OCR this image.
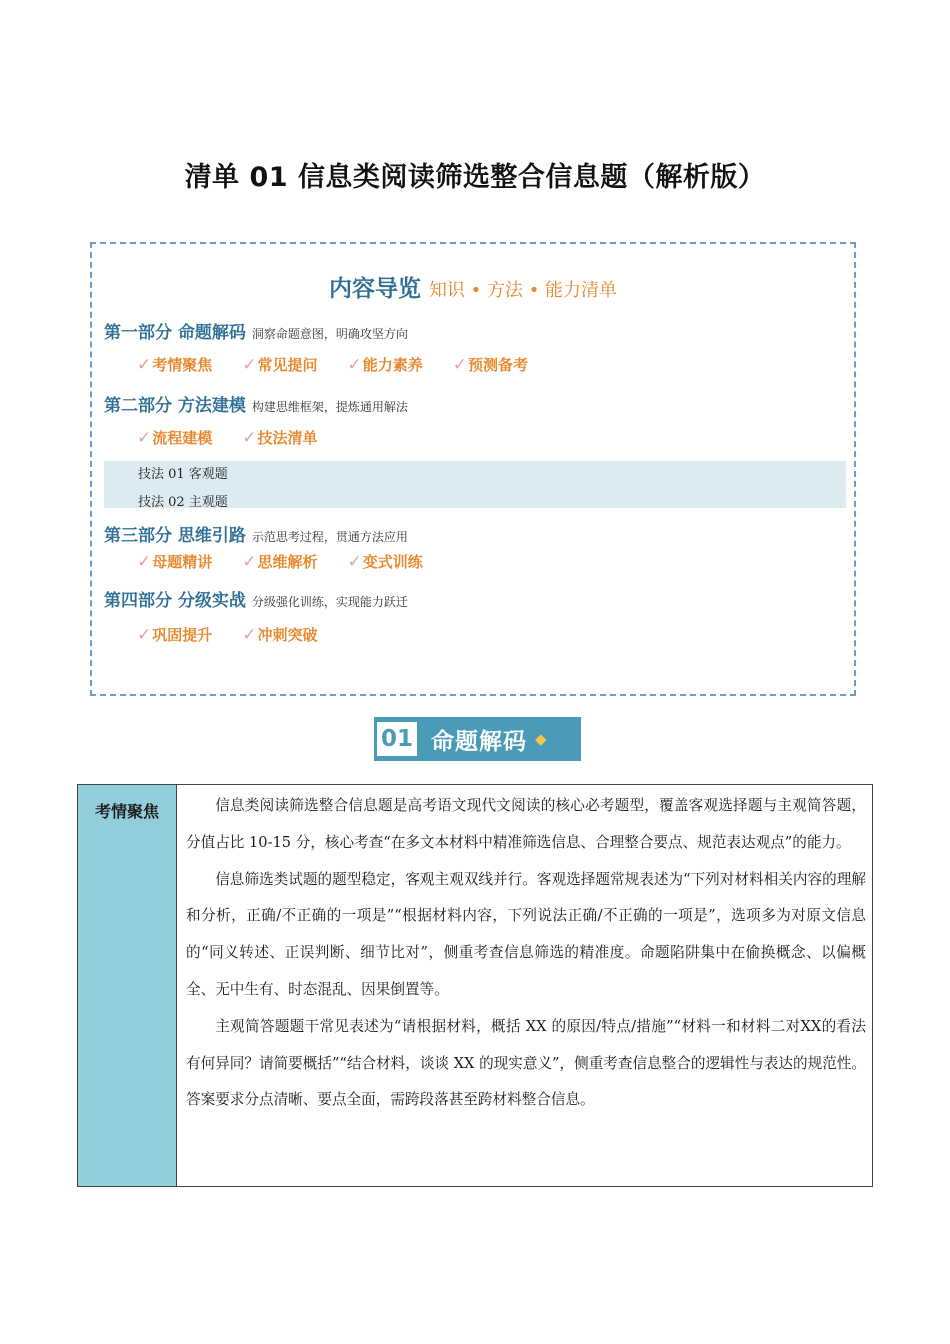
清单 01 信息类阅读筛选整合信息题（解析版）
内容导览 知识 • 方法 • 能力清单
第一部分 命题解码 洞察命题意图，明确攻坚方向
✓考情聚焦 ✓常见提问 ✓能力素养 ✓预测备考
第二部分 方法建模 构建思维框架，提炼通用解法
✓流程建模 ✓技法清单
技法 01 客观题
技法 02 主观题
第三部分 思维引路 示范思考过程，贯通方法应用
✓母题精讲 ✓思维解析 ✓变式训练
第四部分 分级实战 分级强化训练，实现能力跃迁
✓巩固提升 ✓冲刺突破
01 命题解码 ◆
考情聚焦	信息类阅读筛选整合信息题是高考语文现代文阅读的核心必考题型，覆盖客观选择题与主观简答题，分值占比 10-15 分，核心考查“在多文本材料中精准筛选信息、合理整合要点、规范表达观点”的能力。

信息筛选类试题的题型稳定，客观主观双线并行。客观选择题常规表述为“下列对材料相关内容的理解和分析，正确/不正确的一项是”“根据材料内容，下列说法正确/不正确的一项是”，选项多为对原文信息的“同义转述、正误判断、细节比对”，侧重考查信息筛选的精准度。命题陷阱集中在偷换概念、以偏概全、无中生有、时态混乱、因果倒置等。

主观简答题题干常见表述为“请根据材料，概括 XX 的原因/特点/措施”“材料一和材料二对XX的看法有何异同？请简要概括”“结合材料，谈谈 XX 的现实意义”，侧重考查信息整合的逻辑性与表达的规范性。答案要求分点清晰、要点全面，需跨段落甚至跨材料整合信息。
